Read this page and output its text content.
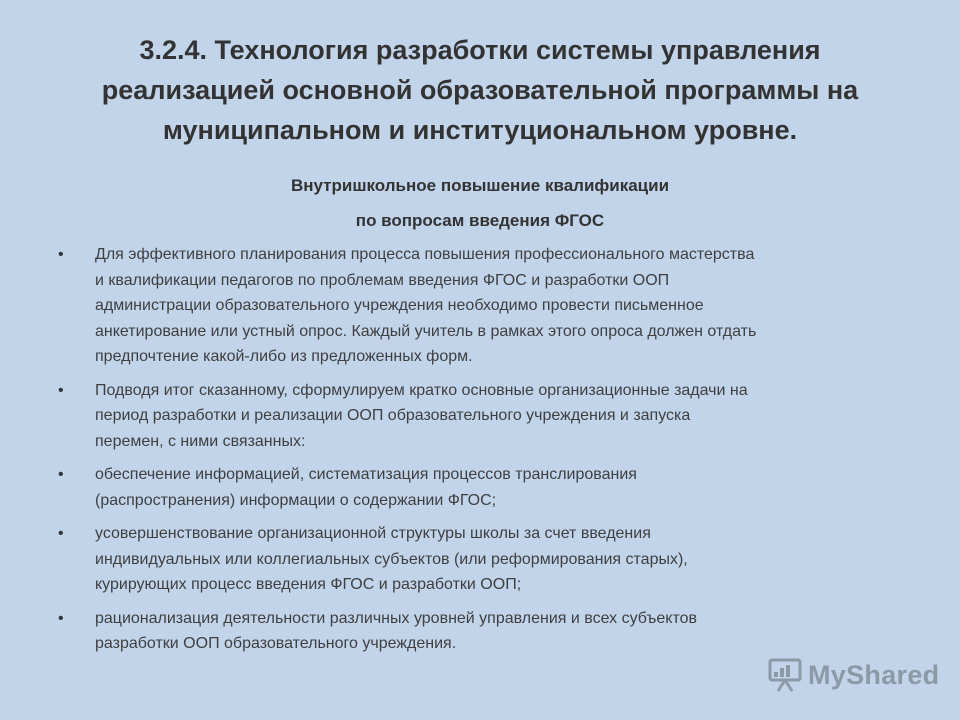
3.2.4. Технология разработки системы управления
реализацией основной образовательной программы на
муниципальном и институциональном уровне.
Внутришкольное повышение квалификации
по вопросам введения ФГОС
• Для эффективного планирования процесса повышения профессионального мастерства
и квалификации педагогов по проблемам введения ФГОС и разработки ООП
администрации образовательного учреждения необходимо провести письменное
анкетирование или устный опрос. Каждый учитель в рамках этого опроса должен отдать
предпочтение какой-либо из предложенных форм.
• Подводя итог сказанному, сформулируем кратко основные организационные задачи на
период разработки и реализации ООП образовательного учреждения и запуска
перемен, с ними связанных:
• обеспечение информацией, систематизация процессов транслирования
(распространения) информации о содержании ФГОС;
• усовершенствование организационной структуры школы за счет введения
индивидуальных или коллегиальных субъектов (или реформирования старых),
курирующих процесс введения ФГОС и разработки ООП;
• рационализация деятельности различных уровней управления и всех субъектов
разработки ООП образовательного учреждения.
MyShared
